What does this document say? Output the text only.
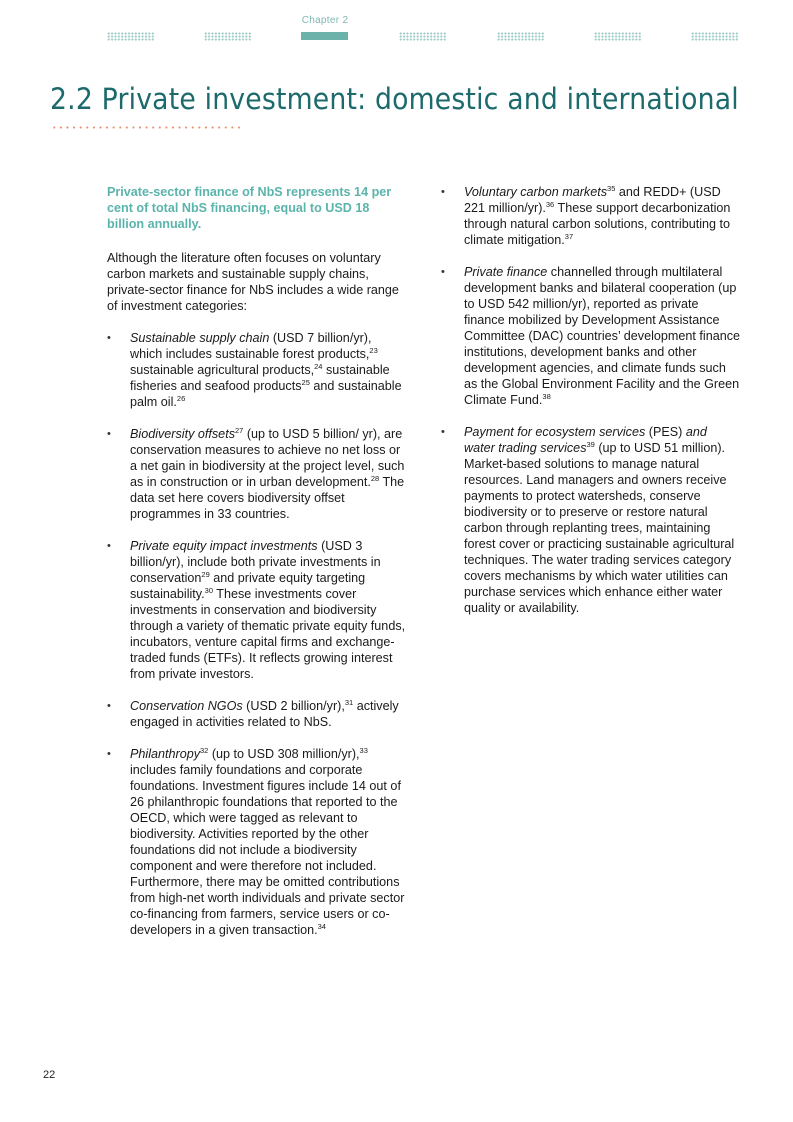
Chapter 2
2.2 Private investment: domestic and international

Private-sector finance of NbS represents 14 per cent of total NbS financing, equal to USD 18 billion annually.

Although the literature often focuses on voluntary carbon markets and sustainable supply chains, private-sector finance for NbS includes a wide range of investment categories:

• Sustainable supply chain (USD 7 billion/yr), which includes sustainable forest products,$^{23}$ sustainable agricultural products,$^{24}$ sustainable fisheries and seafood products$^{25}$ and sustainable palm oil.$^{26}$
• Biodiversity offsets$^{27}$ (up to USD 5 billion/ yr), are conservation measures to achieve no net loss or a net gain in biodiversity at the project level, such as in construction or in urban development.$^{28}$ The data set here covers biodiversity offset programmes in 33 countries.
• Private equity impact investments (USD 3 billion/yr), include both private investments in conservation$^{29}$ and private equity targeting sustainability.$^{30}$ These investments cover investments in conservation and biodiversity through a variety of thematic private equity funds, incubators, venture capital firms and exchange-traded funds (ETFs). It reflects growing interest from private investors.
• Conservation NGOs (USD 2 billion/yr),$^{31}$ actively engaged in activities related to NbS.
• Philanthropy$^{32}$ (up to USD 308 million/yr),$^{33}$ includes family foundations and corporate foundations. Investment figures include 14 out of 26 philanthropic foundations that reported to the OECD, which were tagged as relevant to biodiversity. Activities reported by the other foundations did not include a biodiversity component and were therefore not included. Furthermore, there may be omitted contributions from high-net worth individuals and private sector co-financing from farmers, service users or co-developers in a given transaction.$^{34}$
• Voluntary carbon markets$^{35}$ and REDD+ (USD 221 million/yr).$^{36}$ These support decarbonization through natural carbon solutions, contributing to climate mitigation.$^{37}$
• Private finance channelled through multilateral development banks and bilateral cooperation (up to USD 542 million/yr), reported as private finance mobilized by Development Assistance Committee (DAC) countries’ development finance institutions, development banks and other development agencies, and climate funds such as the Global Environment Facility and the Green Climate Fund.$^{38}$
• Payment for ecosystem services (PES) and water trading services$^{39}$ (up to USD 51 million). Market-based solutions to manage natural resources. Land managers and owners receive payments to protect watersheds, conserve biodiversity or to preserve or restore natural carbon through replanting trees, maintaining forest cover or practicing sustainable agricultural techniques. The water trading services category covers mechanisms by which water utilities can purchase services which enhance either water quality or availability.
22
